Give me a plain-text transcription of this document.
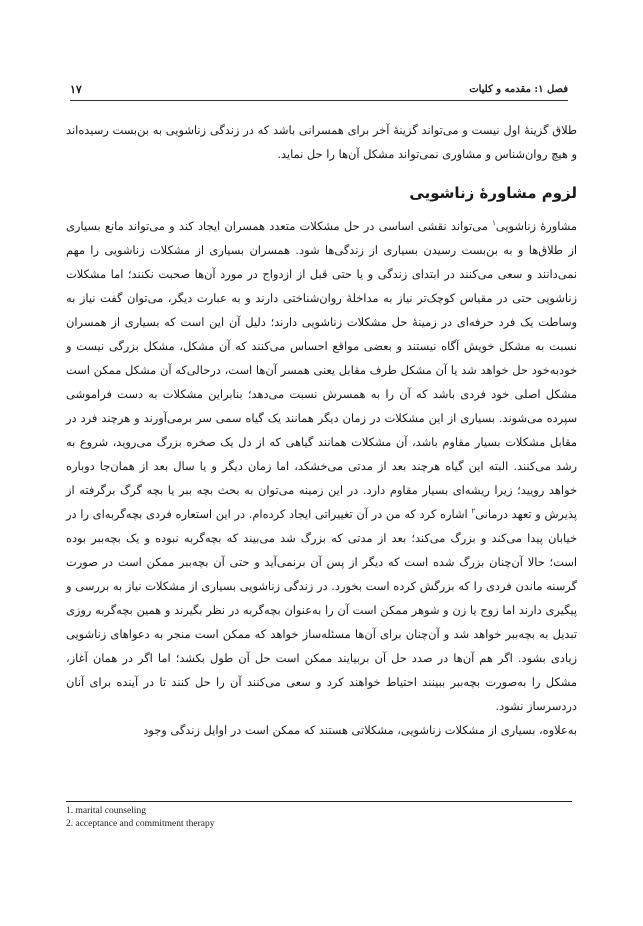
فصل ۱: مقدمه و کلیات
۱۷

طلاق گزینهٔ اول نیست و می‌تواند گزینهٔ آخر برای همسرانی باشد که در زندگی زناشویی به بن‌بست رسیده‌اند و هیچ روان‌شناس و مشاوری نمی‌تواند مشکل آن‌ها را حل نماید.

لزوم مشاورهٔ زناشویی

مشاورهٔ زناشویی$^۱$ می‌تواند نقشی اساسی در حل مشکلات متعدد همسران ایجاد کند و می‌تواند مانع بسیاری از طلاق‌ها و به بن‌بست رسیدن بسیاری از زندگی‌ها شود. همسران بسیاری از مشکلات زناشویی را مهم نمی‌دانند و سعی می‌کنند در ابتدای زندگی و یا حتی قبل از ازدواج در مورد آن‌ها صحبت نکنند؛ اما مشکلات زناشویی حتی در مقیاس کوچک‌تر نیاز به مداخلهٔ روان‌شناختی دارند و به عبارت دیگر، می‌توان گفت نیاز به وساطت یک فرد حرفه‌ای در زمینهٔ حل مشکلات زناشویی دارند؛ دلیل آن این است که بسیاری از همسران نسبت به مشکل خویش آگاه نیستند و بعضی مواقع احساس می‌کنند که آن مشکل، مشکل بزرگی نیست و خودبه‌خود حل خواهد شد یا آن مشکل طرف مقابل یعنی همسر آن‌ها است، درحالی‌که آن مشکل ممکن است مشکل اصلی خود فردی باشد که آن را به همسرش نسبت می‌دهد؛ بنابراین مشکلات به دست فراموشی سپرده می‌شوند. بسیاری از این مشکلات در زمان دیگر همانند یک گیاه سمی سر برمی‌آورند و هرچند فرد در مقابل مشکلات بسیار مقاوم باشد، آن مشکلات همانند گیاهی که از دل یک صخره بزرگ می‌روید، شروع به رشد می‌کنند. البته این گیاه هرچند بعد از مدتی می‌خشکد، اما زمان دیگر و یا سال بعد از همان‌جا دوباره خواهد رویید؛ زیرا ریشه‌ای بسیار مقاوم دارد. در این زمینه می‌توان به بحث بچه ببر یا بچه گرگ برگرفته از پذیرش و تعهد درمانی$^۲$ اشاره کرد که من در آن تغییراتی ایجاد کرده‌ام. در این استعاره فردی بچه‌گربه‌ای را در خیابان پیدا می‌کند و بزرگ می‌کند؛ بعد از مدتی که بزرگ شد می‌بیند که بچه‌گربه نبوده و یک بچه‌ببر بوده است؛ حالا آن‌چنان بزرگ شده است که دیگر از پس آن برنمی‌آید و حتی آن بچه‌ببر ممکن است در صورت گرسنه ماندن فردی را که بزرگش کرده است بخورد. در زندگی زناشویی بسیاری از مشکلات نیاز به بررسی و پیگیری دارند اما زوج یا زن و شوهر ممکن است آن را به‌عنوان بچه‌گربه در نظر بگیرند و همین بچه‌گربه روزی تبدیل به بچه‌ببر خواهد شد و آن‌چنان برای آن‌ها مسئله‌ساز خواهد که ممکن است منجر به دعواهای زناشویی زیادی بشود. اگر هم آن‌ها در صدد حل آن بربیایند ممکن است حل آن طول بکشد؛ اما اگر در همان آغاز، مشکل را به‌صورت بچه‌ببر ببینند احتیاط خواهند کرد و سعی می‌کنند آن را حل کنند تا در آینده برای آنان دردسرساز نشود.

به‌علاوه، بسیاری از مشکلات زناشویی، مشکلاتی هستند که ممکن است در اوایل زندگی وجود

1. marital counseling
2. acceptance and commitment therapy
